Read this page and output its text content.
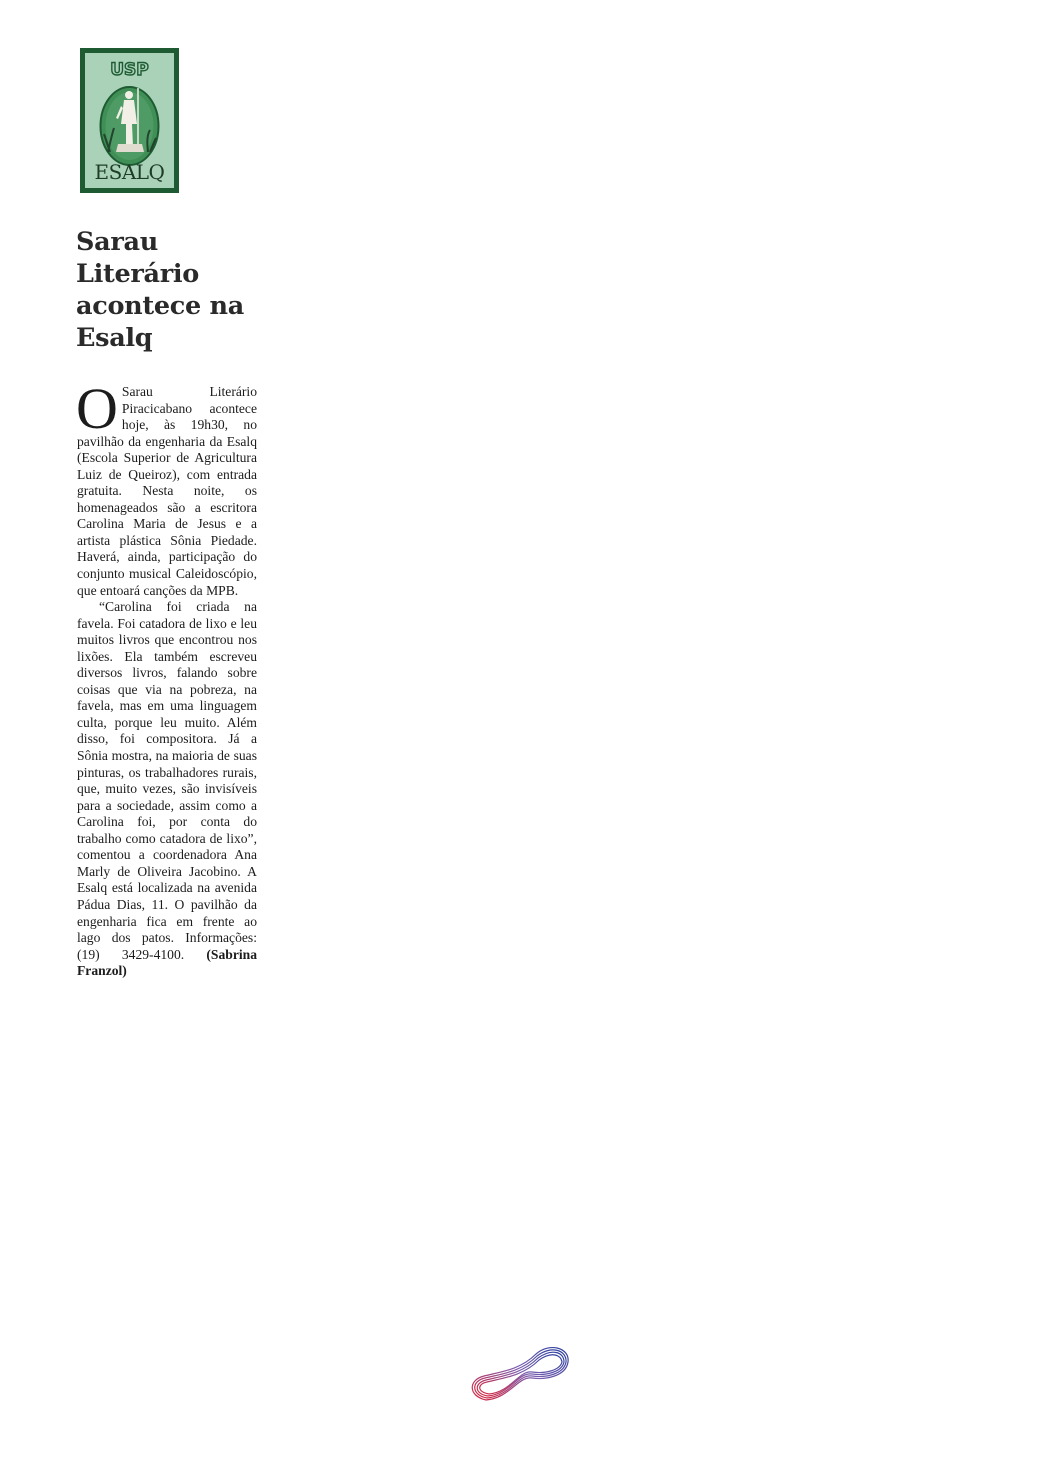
USP
ESALQ
Sarau Literário acontece na Esalq

O Sarau Literário Piracicabano acontece hoje, às 19h30, no pavilhão da engenharia da Esalq (Escola Superior de Agricultura Luiz de Queiroz), com entrada gratuita. Nesta noite, os homenageados são a escritora Carolina Maria de Jesus e a artista plástica Sônia Piedade. Haverá, ainda, participação do conjunto musical Caleidoscópio, que entoará canções da MPB.

“Carolina foi criada na favela. Foi catadora de lixo e leu muitos livros que encontrou nos lixões. Ela também escreveu diversos livros, falando sobre coisas que via na pobreza, na favela, mas em uma linguagem culta, porque leu muito. Além disso, foi compositora. Já a Sônia mostra, na maioria de suas pinturas, os trabalhadores rurais, que, muito vezes, são invisíveis para a sociedade, assim como a Carolina foi, por conta do trabalho como catadora de lixo”, comentou a coordenadora Ana Marly de Oliveira Jacobino. A Esalq está localizada na avenida Pádua Dias, 11. O pavilhão da engenharia fica em frente ao lago dos patos. Informações: (19) 3429-4100. (Sabrina Franzol)
